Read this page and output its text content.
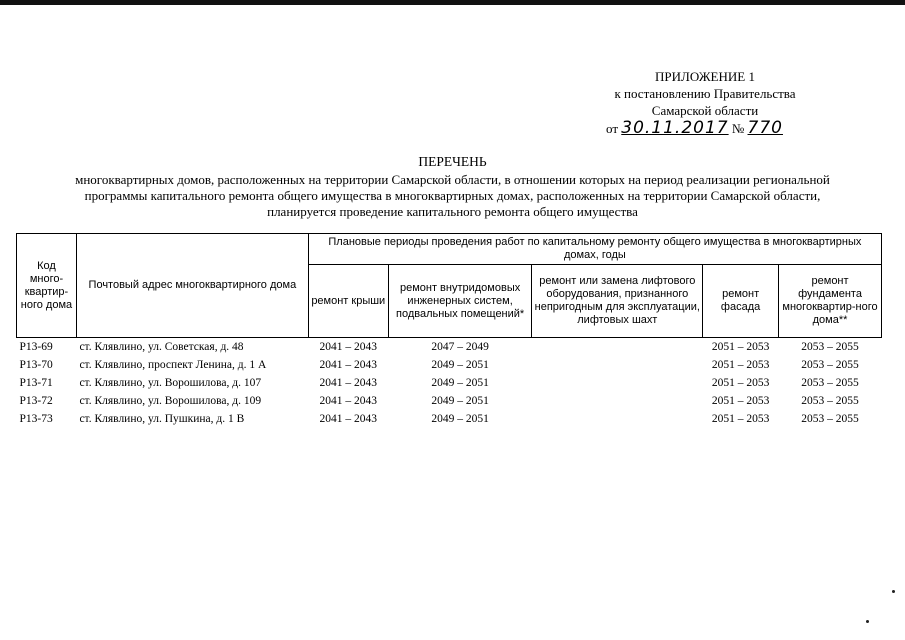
ПРИЛОЖЕНИЕ 1
к постановлению Правительства
Самарской области
от 30.11.2017 № 770
ПЕРЕЧЕНЬ
многоквартирных домов, расположенных на территории Самарской области, в отношении которых на период реализации региональной
программы капитального ремонта общего имущества в многоквартирных домах, расположенных на территории Самарской области,
планируется проведение капитального ремонта общего имущества
Код много-квартир-ного дома	Почтовый адрес многоквартирного дома	Плановые периоды проведения работ по капитальному ремонту общего имущества в многоквартирных домах, годы				
		ремонт крыши	ремонт внутридомовых инженерных систем, подвальных помещений*	ремонт или замена лифтового оборудования, признанного непригодным для эксплуатации, лифтовых шахт	ремонт фасада	ремонт фундамента многоквартир-ного дома**
Р13-69	ст. Клявлино, ул. Советская, д. 48	2041 – 2043	2047 – 2049		2051 – 2053	2053 – 2055
Р13-70	ст. Клявлино, проспект Ленина, д. 1 А	2041 – 2043	2049 – 2051		2051 – 2053	2053 – 2055
Р13-71	ст. Клявлино, ул. Ворошилова, д. 107	2041 – 2043	2049 – 2051		2051 – 2053	2053 – 2055
Р13-72	ст. Клявлино, ул. Ворошилова, д. 109	2041 – 2043	2049 – 2051		2051 – 2053	2053 – 2055
Р13-73	ст. Клявлино, ул. Пушкина, д. 1 В	2041 – 2043	2049 – 2051		2051 – 2053	2053 – 2055
